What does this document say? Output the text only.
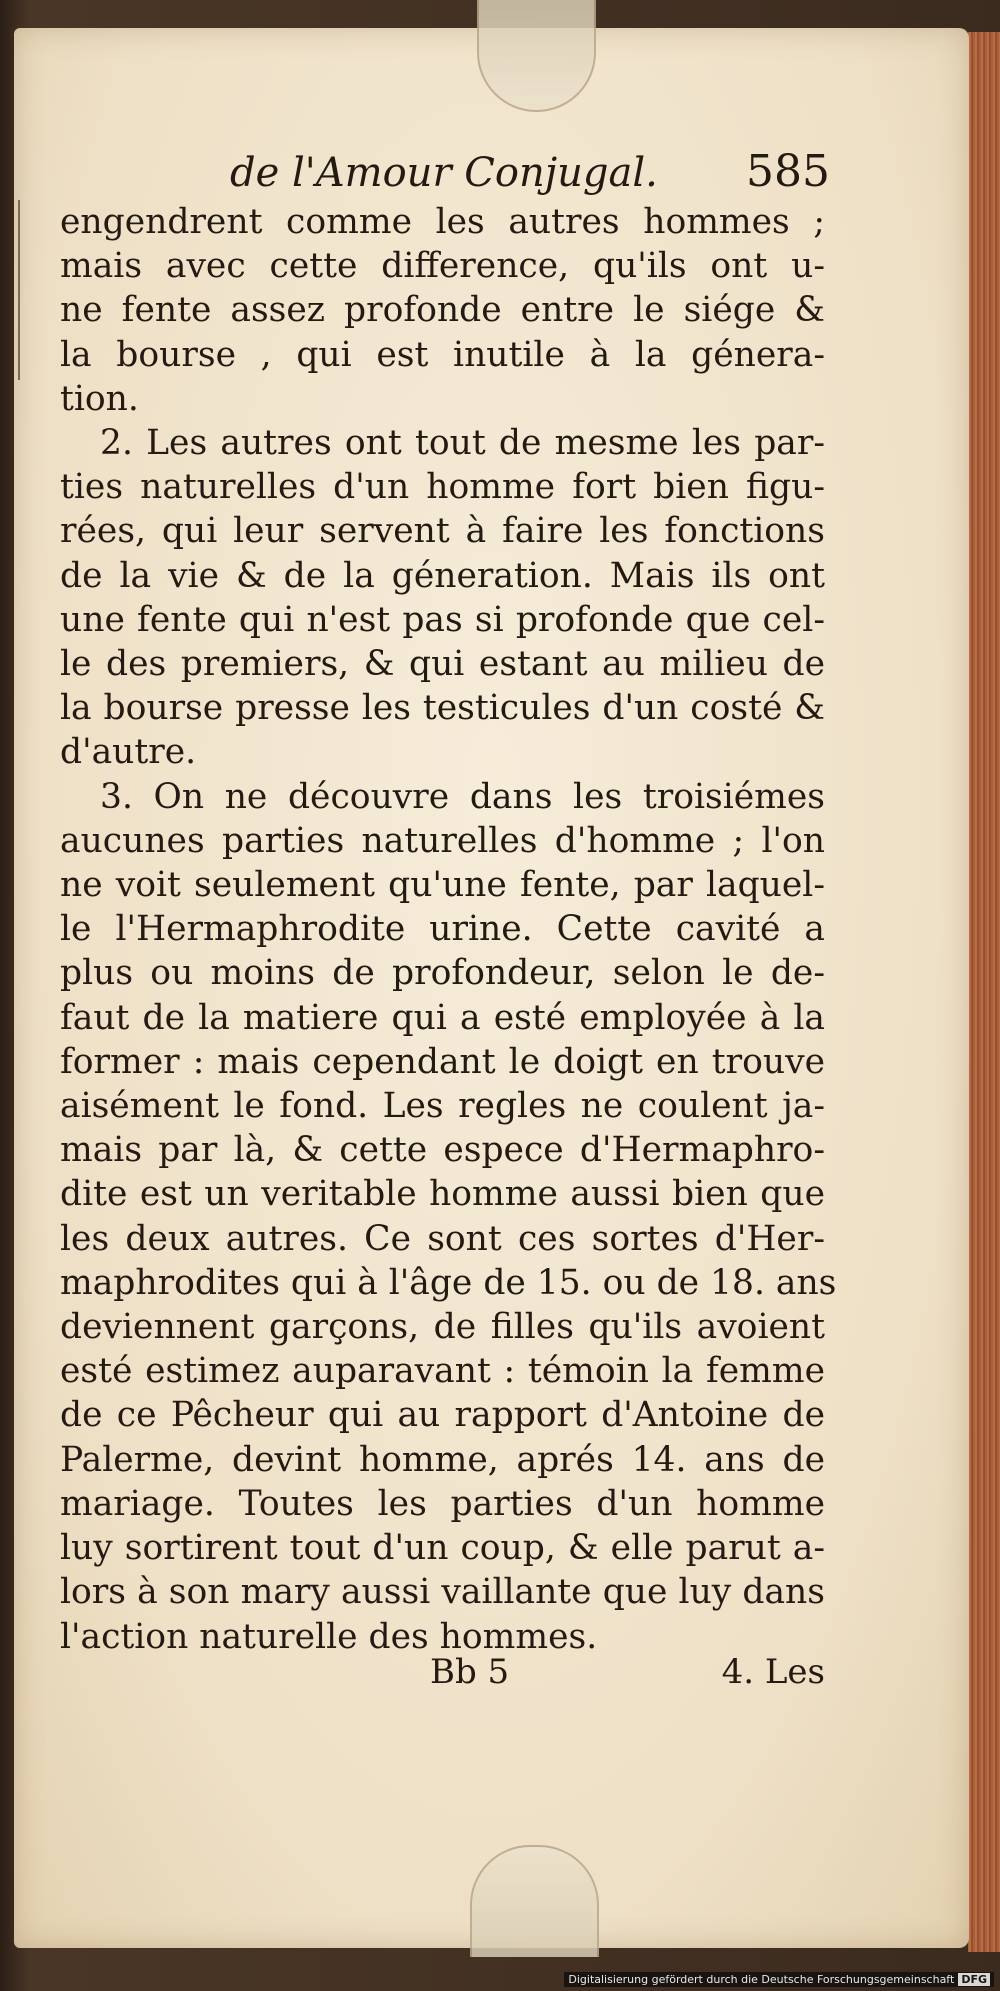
de l'Amour Conjugal. 585
engendrent comme les autres hommes ;
mais avec cette difference, qu'ils ont u-
ne fente assez profonde entre le siége &
la bourse , qui est inutile à la génera-
tion.
2. Les autres ont tout de mesme les par-
ties naturelles d'un homme fort bien figu-
rées, qui leur servent à faire les fonctions
de la vie & de la géneration. Mais ils ont
une fente qui n'est pas si profonde que cel-
le des premiers, & qui estant au milieu de
la bourse presse les testicules d'un costé &
d'autre.
3. On ne découvre dans les troisiémes
aucunes parties naturelles d'homme ; l'on
ne voit seulement qu'une fente, par laquel-
le l'Hermaphrodite urine. Cette cavité a
plus ou moins de profondeur, selon le de-
faut de la matiere qui a esté employée à la
former : mais cependant le doigt en trouve
aisément le fond. Les regles ne coulent ja-
mais par là, & cette espece d'Hermaphro-
dite est un veritable homme aussi bien que
les deux autres. Ce sont ces sortes d'Her-
maphrodites qui à l'âge de 15. ou de 18. ans
deviennent garçons, de filles qu'ils avoient
esté estimez auparavant : témoin la femme
de ce Pêcheur qui au rapport d'Antoine de
Palerme, devint homme, aprés 14. ans de
mariage. Toutes les parties d'un homme
luy sortirent tout d'un coup, & elle parut a-
lors à son mary aussi vaillante que luy dans
l'action naturelle des hommes.
Bb 5	4. Les
Digitalisierung gefördert durch die Deutsche Forschungsgemeinschaft DFG
